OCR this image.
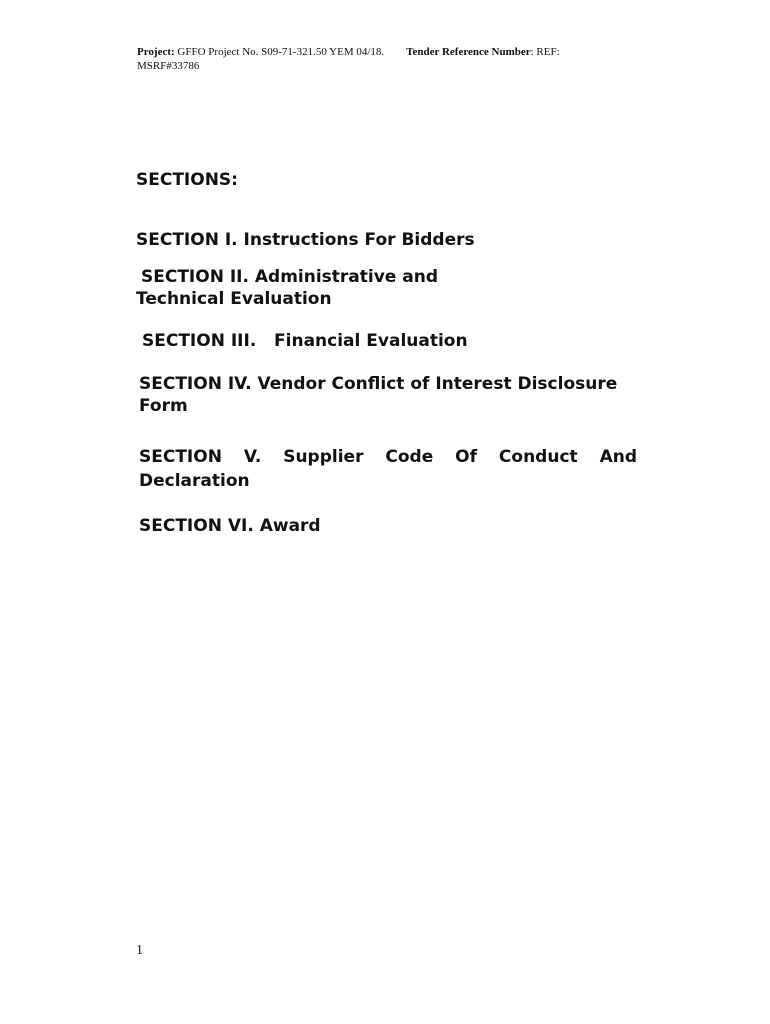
Project: GFFO Project No. S09-71-321.50 YEM 04/18. Tender Reference Number: REF:
MSRF#33786

SECTIONS:

SECTION I. Instructions For Bidders

SECTION II. Administrative and
Technical Evaluation

SECTION III.   Financial Evaluation

SECTION IV. Vendor Conflict of Interest Disclosure Form

SECTION V. Supplier Code Of Conduct And Declaration

SECTION VI. Award

1
